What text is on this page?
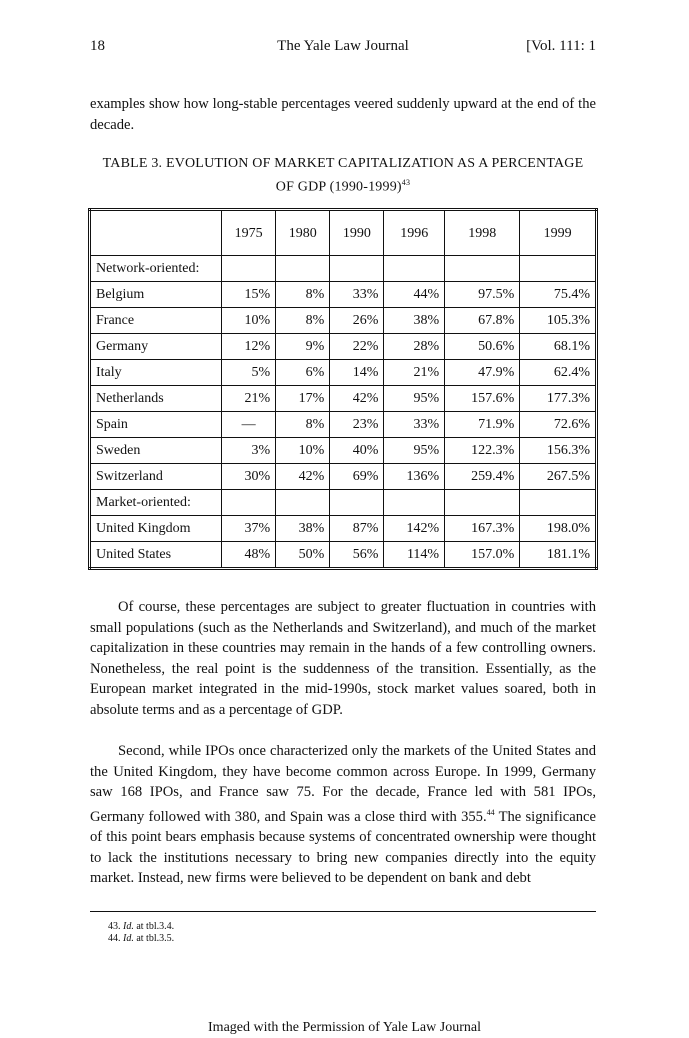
18	The Yale Law Journal	[Vol. 111: 1
examples show how long-stable percentages veered suddenly upward at the end of the decade.
TABLE 3. EVOLUTION OF MARKET CAPITALIZATION AS A PERCENTAGE
OF GDP (1990-1999)$^{43}$
	1975	1980	1990	1996	1998	1999
Network-oriented:						
Belgium	15%	8%	33%	44%	97.5%	75.4%
France	10%	8%	26%	38%	67.8%	105.3%
Germany	12%	9%	22%	28%	50.6%	68.1%
Italy	5%	6%	14%	21%	47.9%	62.4%
Netherlands	21%	17%	42%	95%	157.6%	177.3%
Spain	—	8%	23%	33%	71.9%	72.6%
Sweden	3%	10%	40%	95%	122.3%	156.3%
Switzerland	30%	42%	69%	136%	259.4%	267.5%
Market-oriented:						
United Kingdom	37%	38%	87%	142%	167.3%	198.0%
United States	48%	50%	56%	114%	157.0%	181.1%
Of course, these percentages are subject to greater fluctuation in countries with small populations (such as the Netherlands and Switzerland), and much of the market capitalization in these countries may remain in the hands of a few controlling owners. Nonetheless, the real point is the suddenness of the transition. Essentially, as the European market integrated in the mid-1990s, stock market values soared, both in absolute terms and as a percentage of GDP.
Second, while IPOs once characterized only the markets of the United States and the United Kingdom, they have become common across Europe. In 1999, Germany saw 168 IPOs, and France saw 75. For the decade, France led with 581 IPOs, Germany followed with 380, and Spain was a close third with 355.44 The significance of this point bears emphasis because systems of concentrated ownership were thought to lack the institutions necessary to bring new companies directly into the equity market. Instead, new firms were believed to be dependent on bank and debt
43. Id. at tbl.3.4.
44. Id. at tbl.3.5.
Imaged with the Permission of Yale Law Journal
